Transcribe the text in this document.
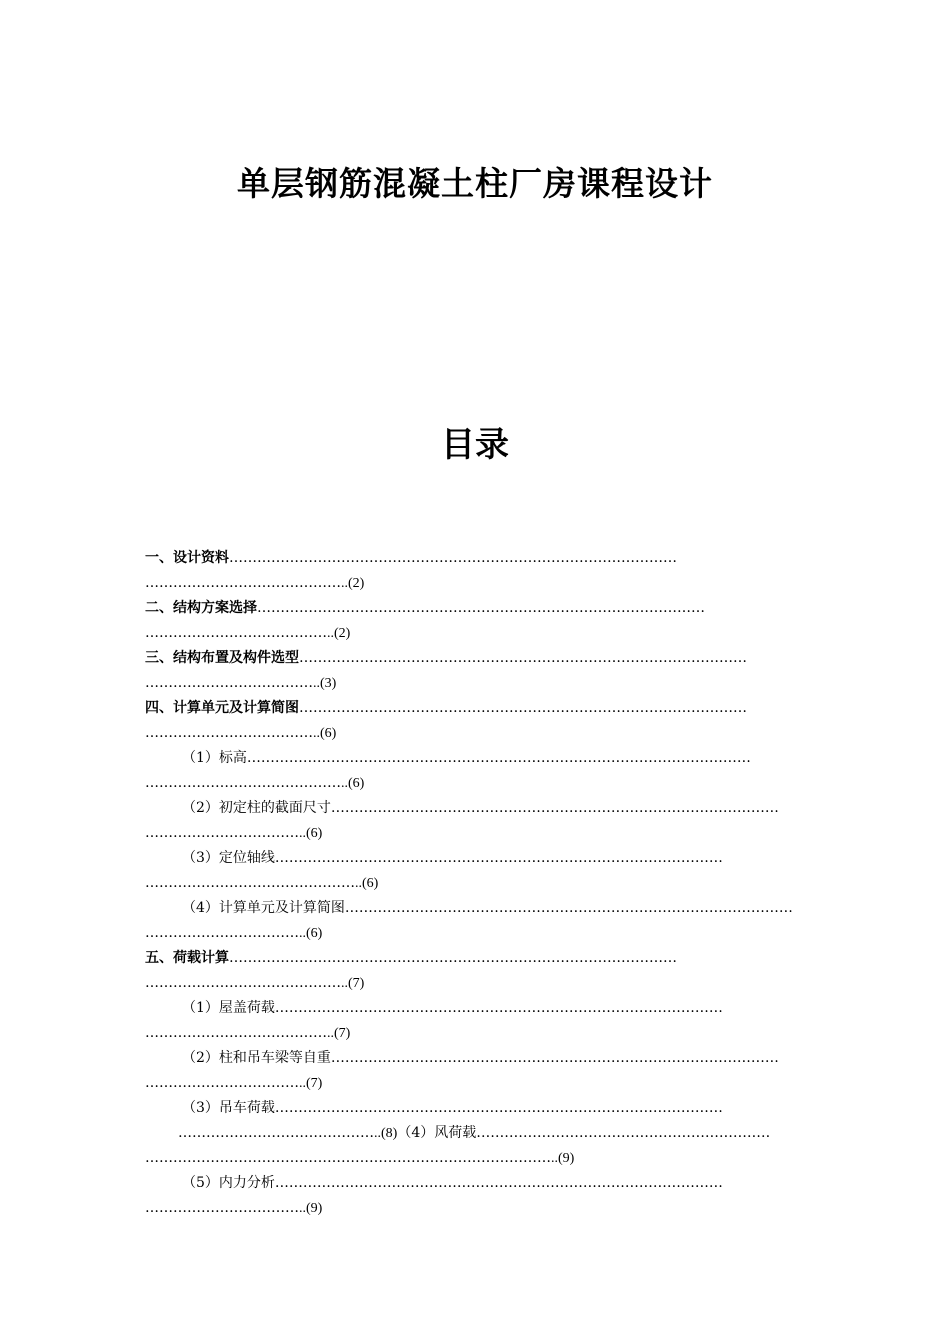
单层钢筋混凝土柱厂房课程设计
目录
一、设计资料……………………………………………………………………………………
……………………………………..(2)
二、结构方案选择……………………………………………………………………………………
…………………………………..(2)
三、结构布置及构件选型……………………………………………………………………………………
………………………………..(3)
四、计算单元及计算简图……………………………………………………………………………………
………………………………..(6)
（1）标高………………………………………………………………………………………………
……………………………………..(6)
（2）初定柱的截面尺寸……………………………………………………………………………………
……………………………..(6)
（3）定位轴线……………………………………………………………………………………
………………………………………..(6)
（4）计算单元及计算简图……………………………………………………………………………………
……………………………..(6)
五、荷载计算……………………………………………………………………………………
……………………………………..(7)
（1）屋盖荷载……………………………………………………………………………………
…………………………………..(7)
（2）柱和吊车梁等自重……………………………………………………………………………………
……………………………..(7)
（3）吊车荷载……………………………………………………………………………………
……………………………………..(8)（4）风荷载………………………………………………………
……………………………………………………………………………..(9)
（5）内力分析……………………………………………………………………………………
……………………………..(9)
